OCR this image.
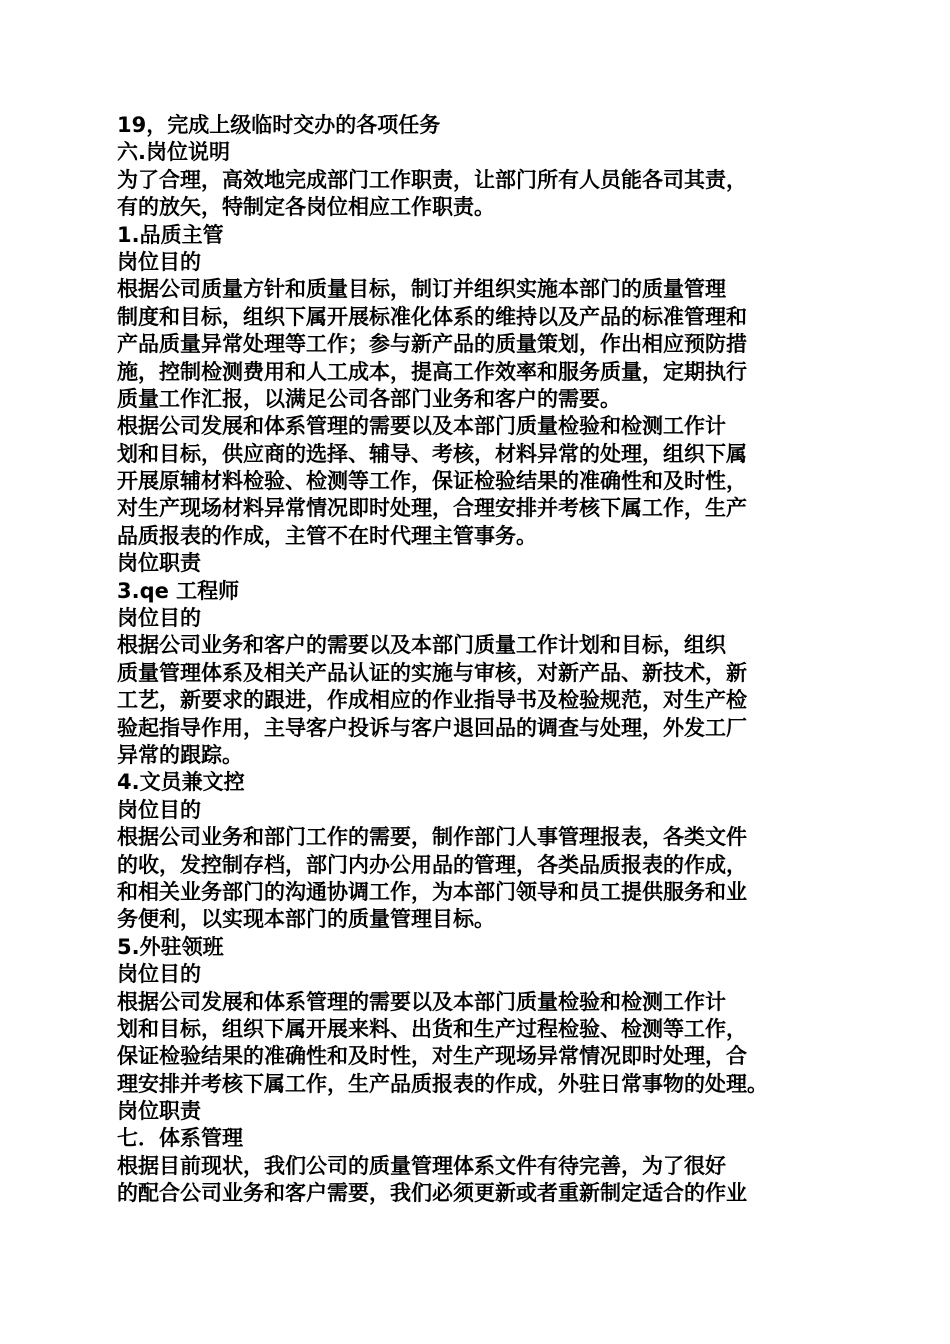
19，完成上级临时交办的各项任务
六.岗位说明
为了合理，高效地完成部门工作职责，让部门所有人员能各司其责，
有的放矢，特制定各岗位相应工作职责。
1.品质主管
岗位目的
根据公司质量方针和质量目标，制订并组织实施本部门的质量管理
制度和目标，组织下属开展标准化体系的维持以及产品的标准管理和
产品质量异常处理等工作；参与新产品的质量策划，作出相应预防措
施，控制检测费用和人工成本，提高工作效率和服务质量，定期执行
质量工作汇报，以满足公司各部门业务和客户的需要。
根据公司发展和体系管理的需要以及本部门质量检验和检测工作计
划和目标，供应商的选择、辅导、考核，材料异常的处理，组织下属
开展原辅材料检验、检测等工作，保证检验结果的准确性和及时性，
对生产现场材料异常情况即时处理，合理安排并考核下属工作，生产
品质报表的作成，主管不在时代理主管事务。
岗位职责
3.qe 工程师
岗位目的
根据公司业务和客户的需要以及本部门质量工作计划和目标，组织
质量管理体系及相关产品认证的实施与审核，对新产品、新技术，新
工艺，新要求的跟进，作成相应的作业指导书及检验规范，对生产检
验起指导作用，主导客户投诉与客户退回品的调查与处理，外发工厂
异常的跟踪。
4.文员兼文控
岗位目的
根据公司业务和部门工作的需要，制作部门人事管理报表，各类文件
的收，发控制存档，部门内办公用品的管理，各类品质报表的作成，
和相关业务部门的沟通协调工作，为本部门领导和员工提供服务和业
务便利，以实现本部门的质量管理目标。
5.外驻领班
岗位目的
根据公司发展和体系管理的需要以及本部门质量检验和检测工作计
划和目标，组织下属开展来料、出货和生产过程检验、检测等工作，
保证检验结果的准确性和及时性，对生产现场异常情况即时处理，合
理安排并考核下属工作，生产品质报表的作成，外驻日常事物的处理。
岗位职责
七．体系管理
根据目前现状，我们公司的质量管理体系文件有待完善，为了很好
的配合公司业务和客户需要，我们必须更新或者重新制定适合的作业
